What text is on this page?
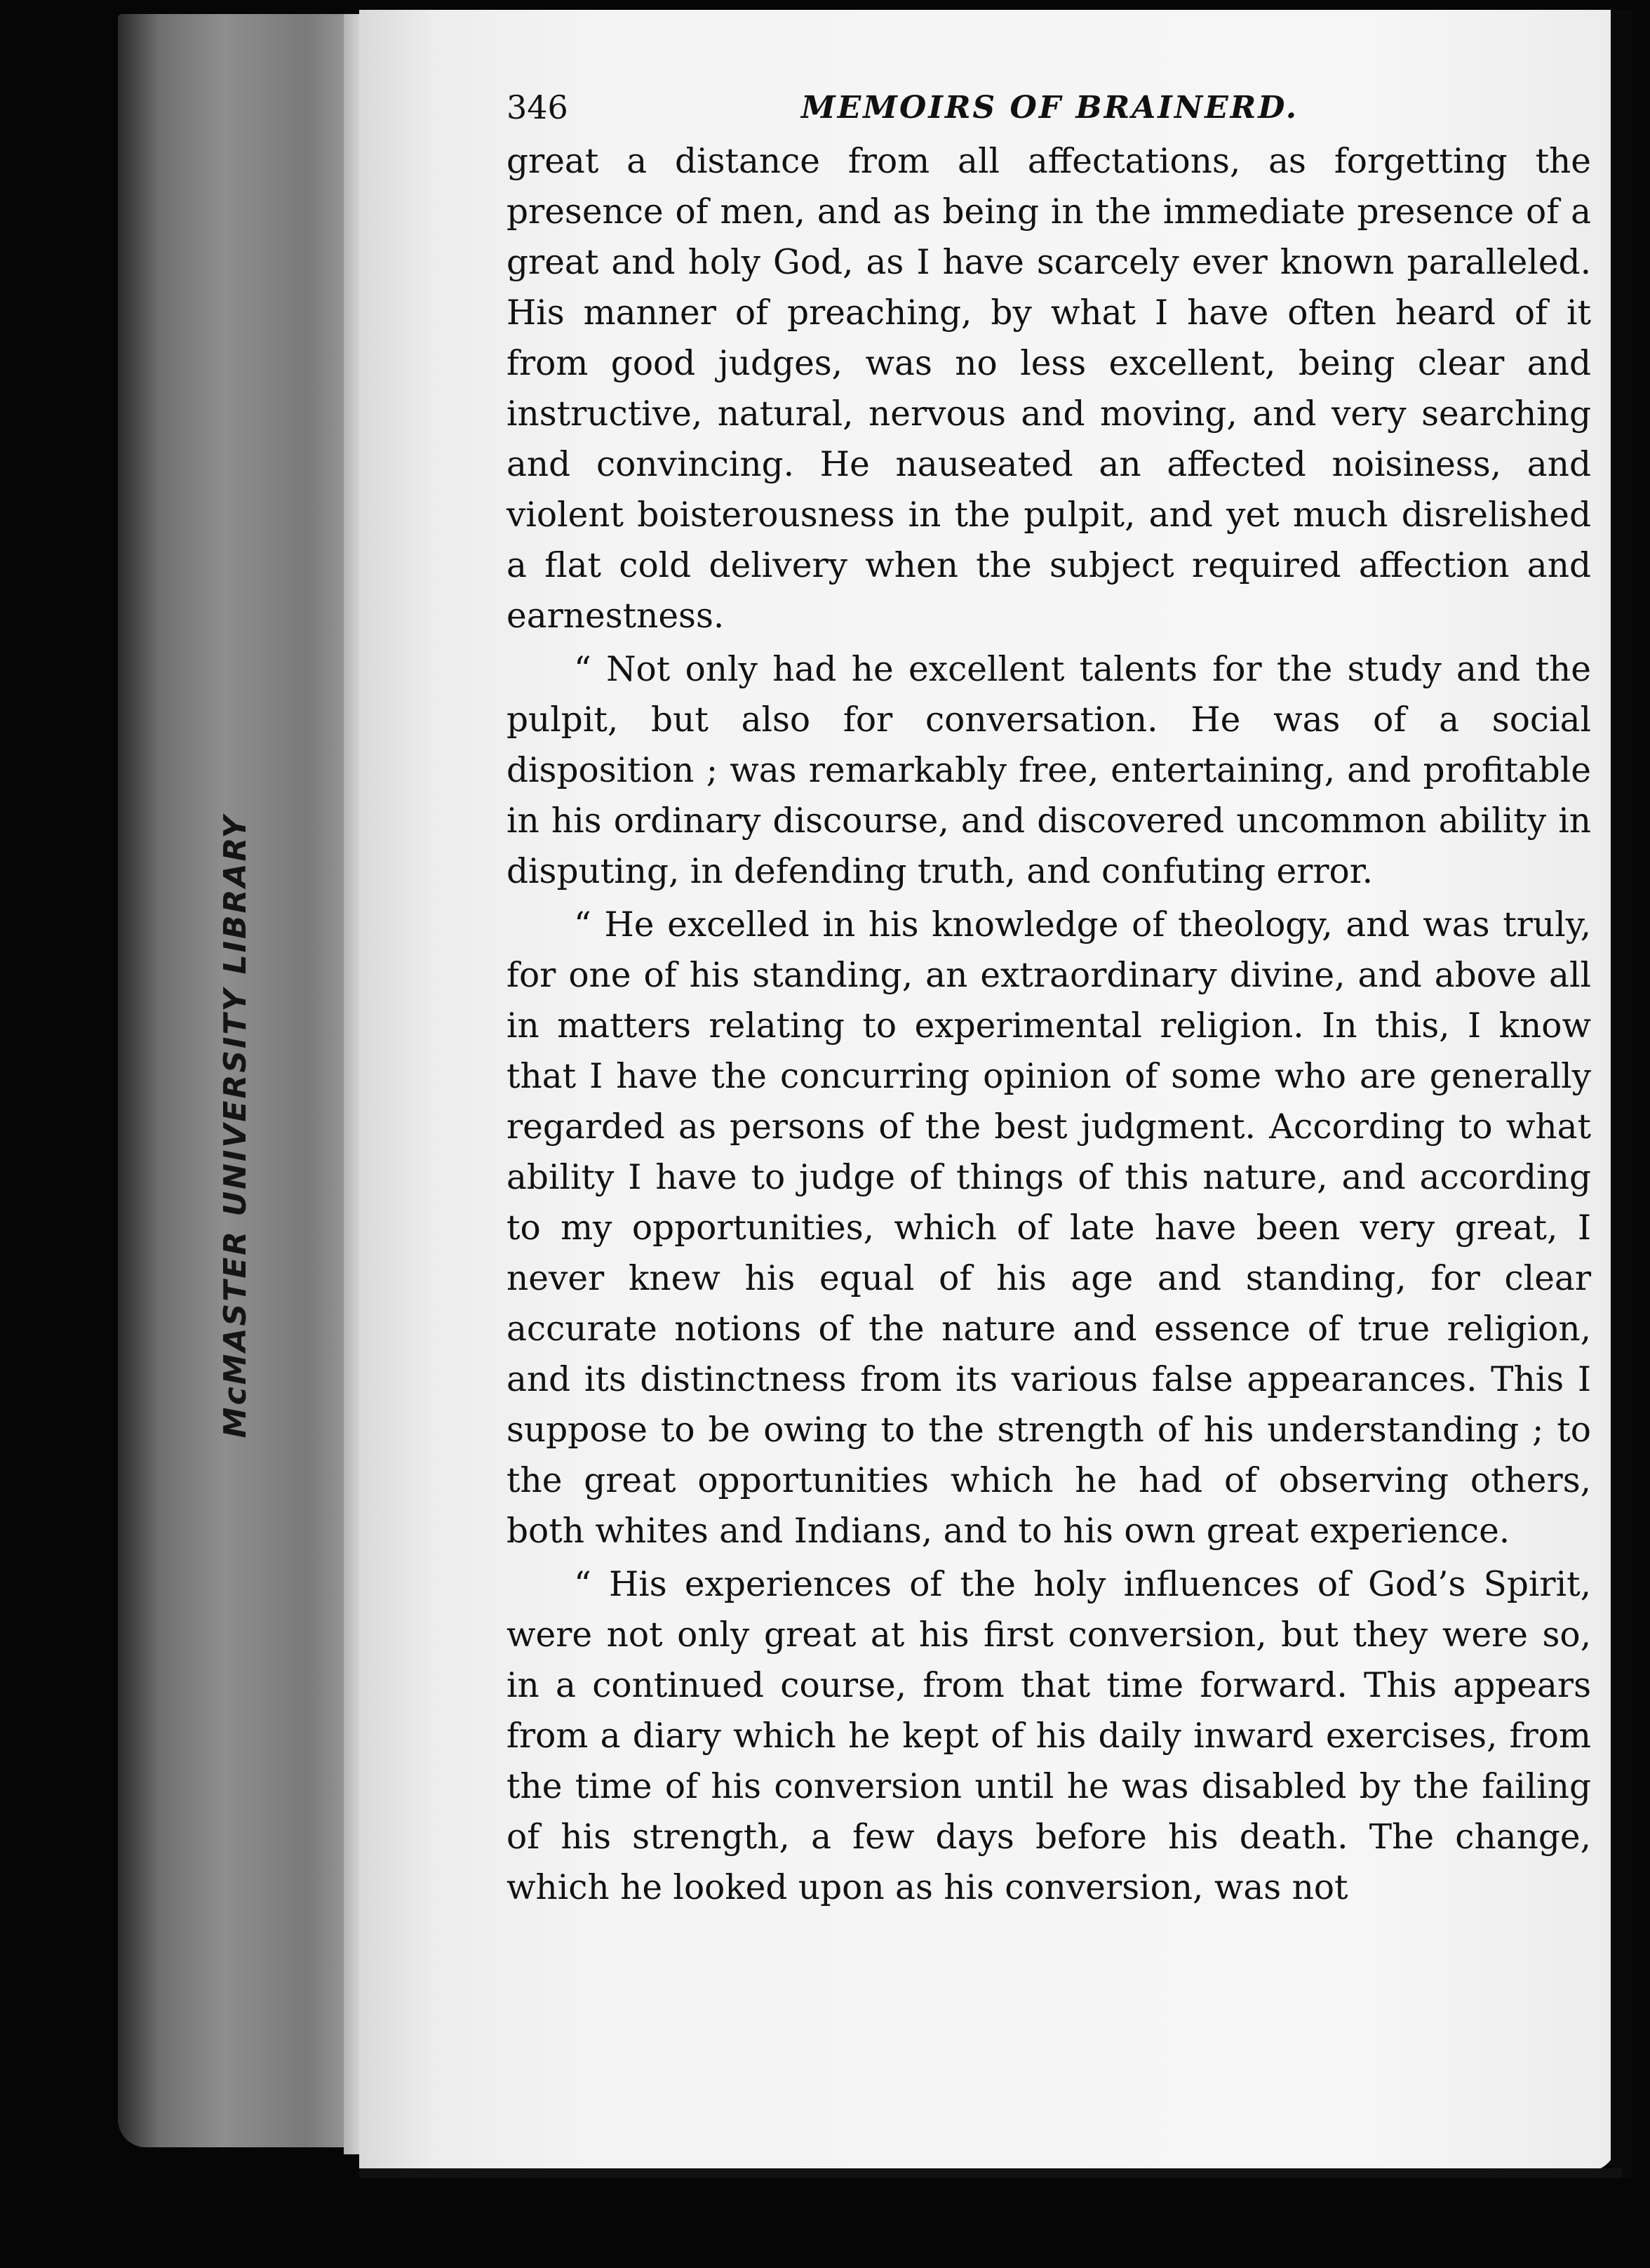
McMASTER UNIVERSITY LIBRARY
346	MEMOIRS OF BRAINERD.

great a distance from all affectations, as forgetting the presence of men, and as being in the immediate presence of a great and holy God, as I have scarcely ever known paralleled. His manner of preaching, by what I have often heard of it from good judges, was no less excellent, being clear and instructive, natural, nervous and moving, and very searching and convincing. He nauseated an affected noisiness, and violent boisterousness in the pulpit, and yet much disrelished a flat cold delivery when the subject required affection and earnestness.

“ Not only had he excellent talents for the study and the pulpit, but also for conversation. He was of a social disposition ; was remarkably free, entertaining, and profitable in his ordinary discourse, and discovered uncommon ability in disputing, in defending truth, and confuting error.

“ He excelled in his knowledge of theology, and was truly, for one of his standing, an extraordinary divine, and above all in matters relating to experimental religion. In this, I know that I have the concurring opinion of some who are generally regarded as persons of the best judgment. According to what ability I have to judge of things of this nature, and according to my opportunities, which of late have been very great, I never knew his equal of his age and standing, for clear accurate notions of the nature and essence of true religion, and its distinctness from its various false appearances. This I suppose to be owing to the strength of his understanding ; to the great opportunities which he had of observing others, both whites and Indians, and to his own great experience.

“ His experiences of the holy influences of God’s Spirit, were not only great at his first conversion, but they were so, in a continued course, from that time forward. This appears from a diary which he kept of his daily inward exercises, from the time of his conversion until he was disabled by the failing of his strength, a few days before his death. The change, which he looked upon as his conversion, was not
